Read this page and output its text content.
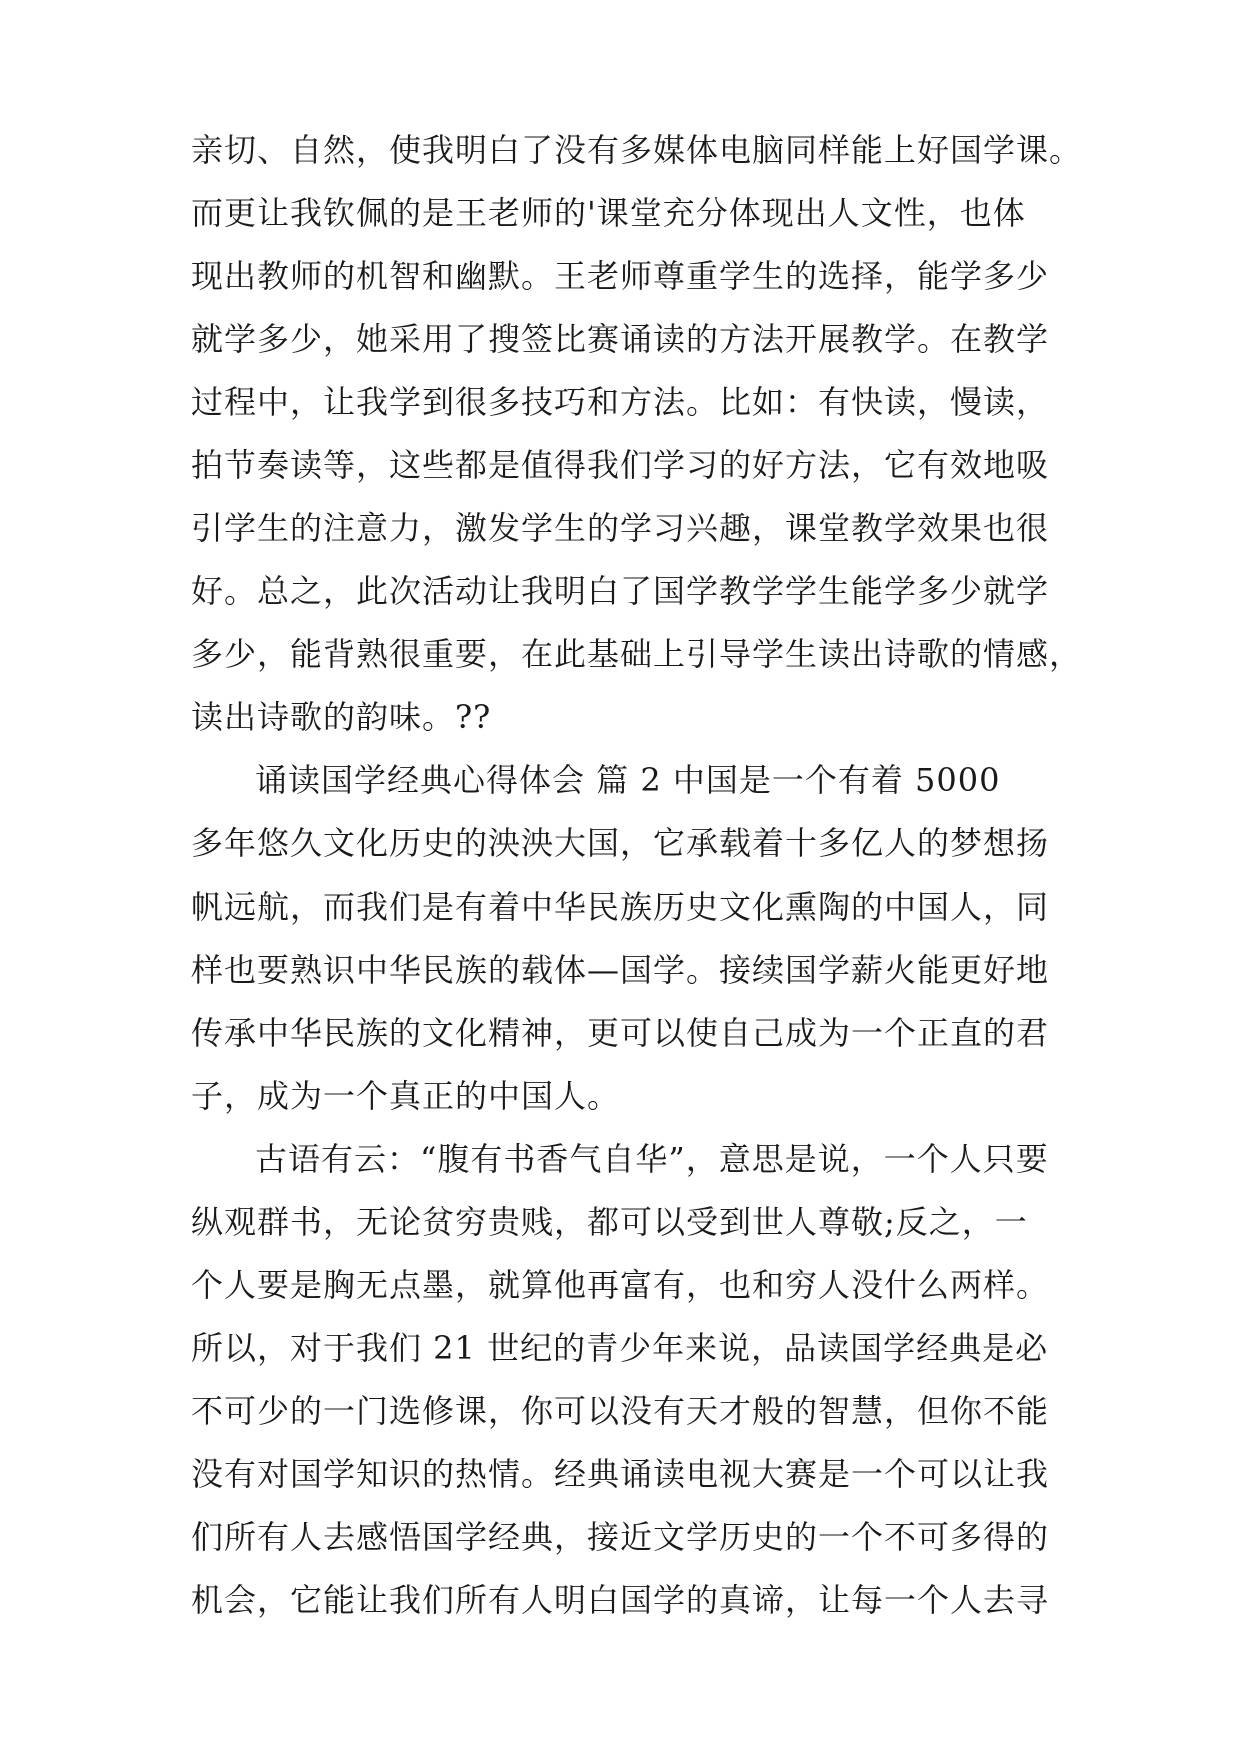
亲切、自然，使我明白了没有多媒体电脑同样能上好国学课。
而更让我钦佩的是王老师的'课堂充分体现出人文性，也体
现出教师的机智和幽默。王老师尊重学生的选择，能学多少
就学多少，她采用了搜签比赛诵读的方法开展教学。在教学
过程中，让我学到很多技巧和方法。比如：有快读，慢读，
拍节奏读等，这些都是值得我们学习的好方法，它有效地吸
引学生的注意力，激发学生的学习兴趣，课堂教学效果也很
好。总之，此次活动让我明白了国学教学学生能学多少就学
多少，能背熟很重要，在此基础上引导学生读出诗歌的情感，
读出诗歌的韵味。??
诵读国学经典心得体会 篇 2 中国是一个有着 5000
多年悠久文化历史的泱泱大国，它承载着十多亿人的梦想扬
帆远航，而我们是有着中华民族历史文化熏陶的中国人，同
样也要熟识中华民族的载体—国学。接续国学薪火能更好地
传承中华民族的文化精神，更可以使自己成为一个正直的君
子，成为一个真正的中国人。
古语有云：“腹有书香气自华”，意思是说，一个人只要
纵观群书，无论贫穷贵贱，都可以受到世人尊敬;反之，一
个人要是胸无点墨，就算他再富有，也和穷人没什么两样。
所以，对于我们 21 世纪的青少年来说，品读国学经典是必
不可少的一门选修课，你可以没有天才般的智慧，但你不能
没有对国学知识的热情。经典诵读电视大赛是一个可以让我
们所有人去感悟国学经典，接近文学历史的一个不可多得的
机会，它能让我们所有人明白国学的真谛，让每一个人去寻
